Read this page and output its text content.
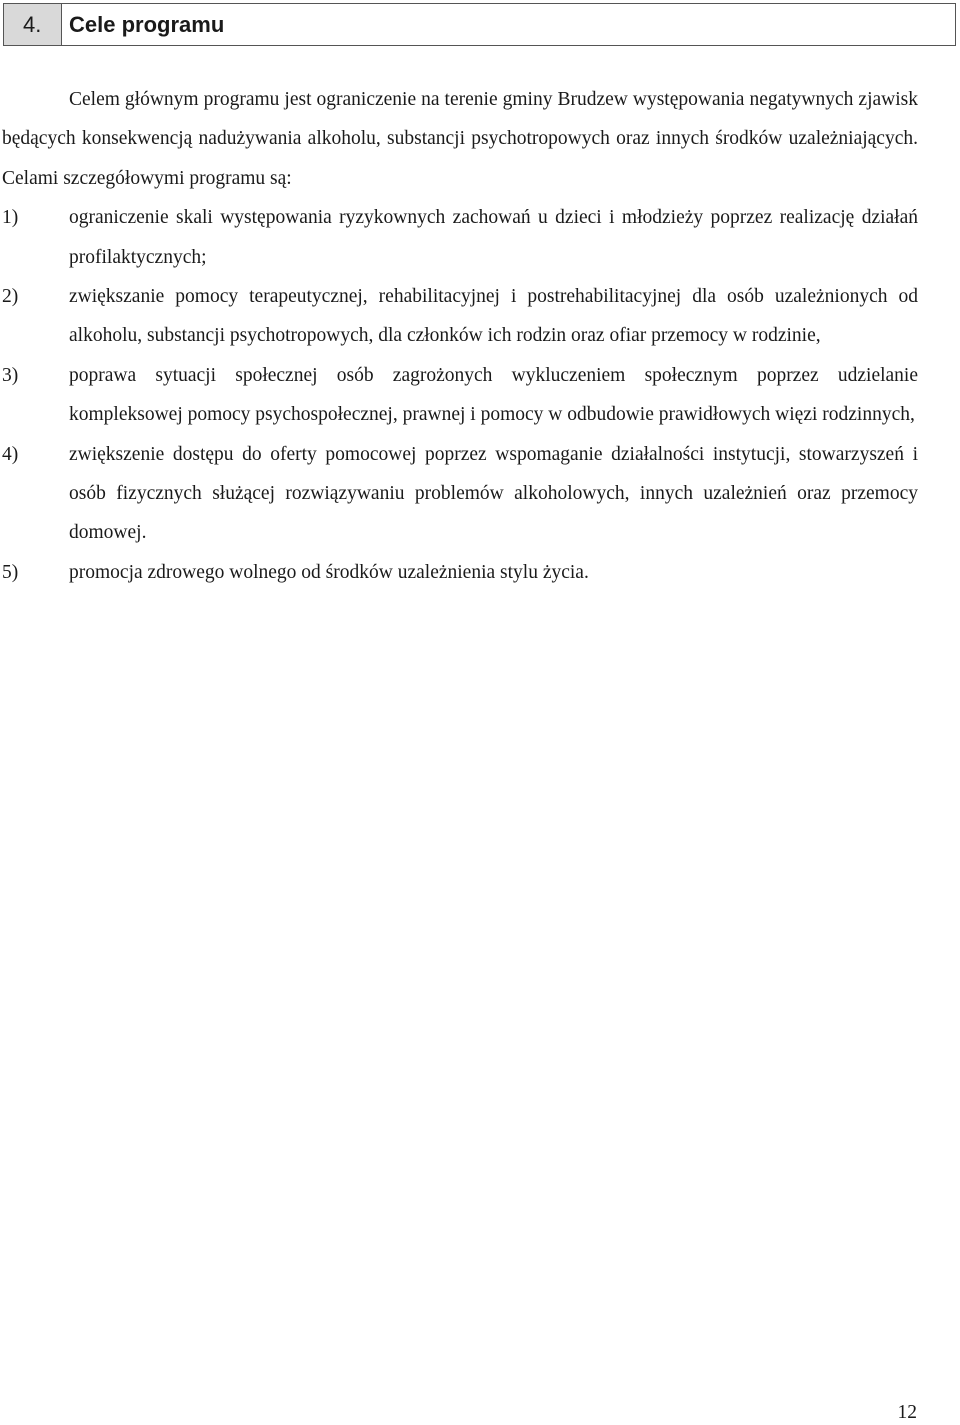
4.	Cele programu

Celem głównym programu jest ograniczenie na terenie gminy Brudzew występowania negatywnych zjawisk będących konsekwencją nadużywania alkoholu, substancji psychotropowych oraz innych środków uzależniających. Celami szczegółowymi programu są:

1)	ograniczenie skali występowania ryzykownych zachowań u dzieci i młodzieży poprzez realizację działań profilaktycznych;
2)	zwiększanie pomocy terapeutycznej, rehabilitacyjnej i postrehabilitacyjnej dla osób uzależnionych od alkoholu, substancji psychotropowych, dla członków ich rodzin oraz ofiar przemocy w rodzinie,
3)	poprawa sytuacji społecznej osób zagrożonych wykluczeniem społecznym poprzez udzielanie kompleksowej pomocy psychospołecznej, prawnej i pomocy w odbudowie prawidłowych więzi rodzinnych,
4)	zwiększenie dostępu do oferty pomocowej poprzez wspomaganie działalności instytucji, stowarzyszeń i osób fizycznych służącej rozwiązywaniu problemów alkoholowych, innych uzależnień oraz przemocy domowej.
5)	promocja zdrowego wolnego od środków uzależnienia stylu życia.
12
